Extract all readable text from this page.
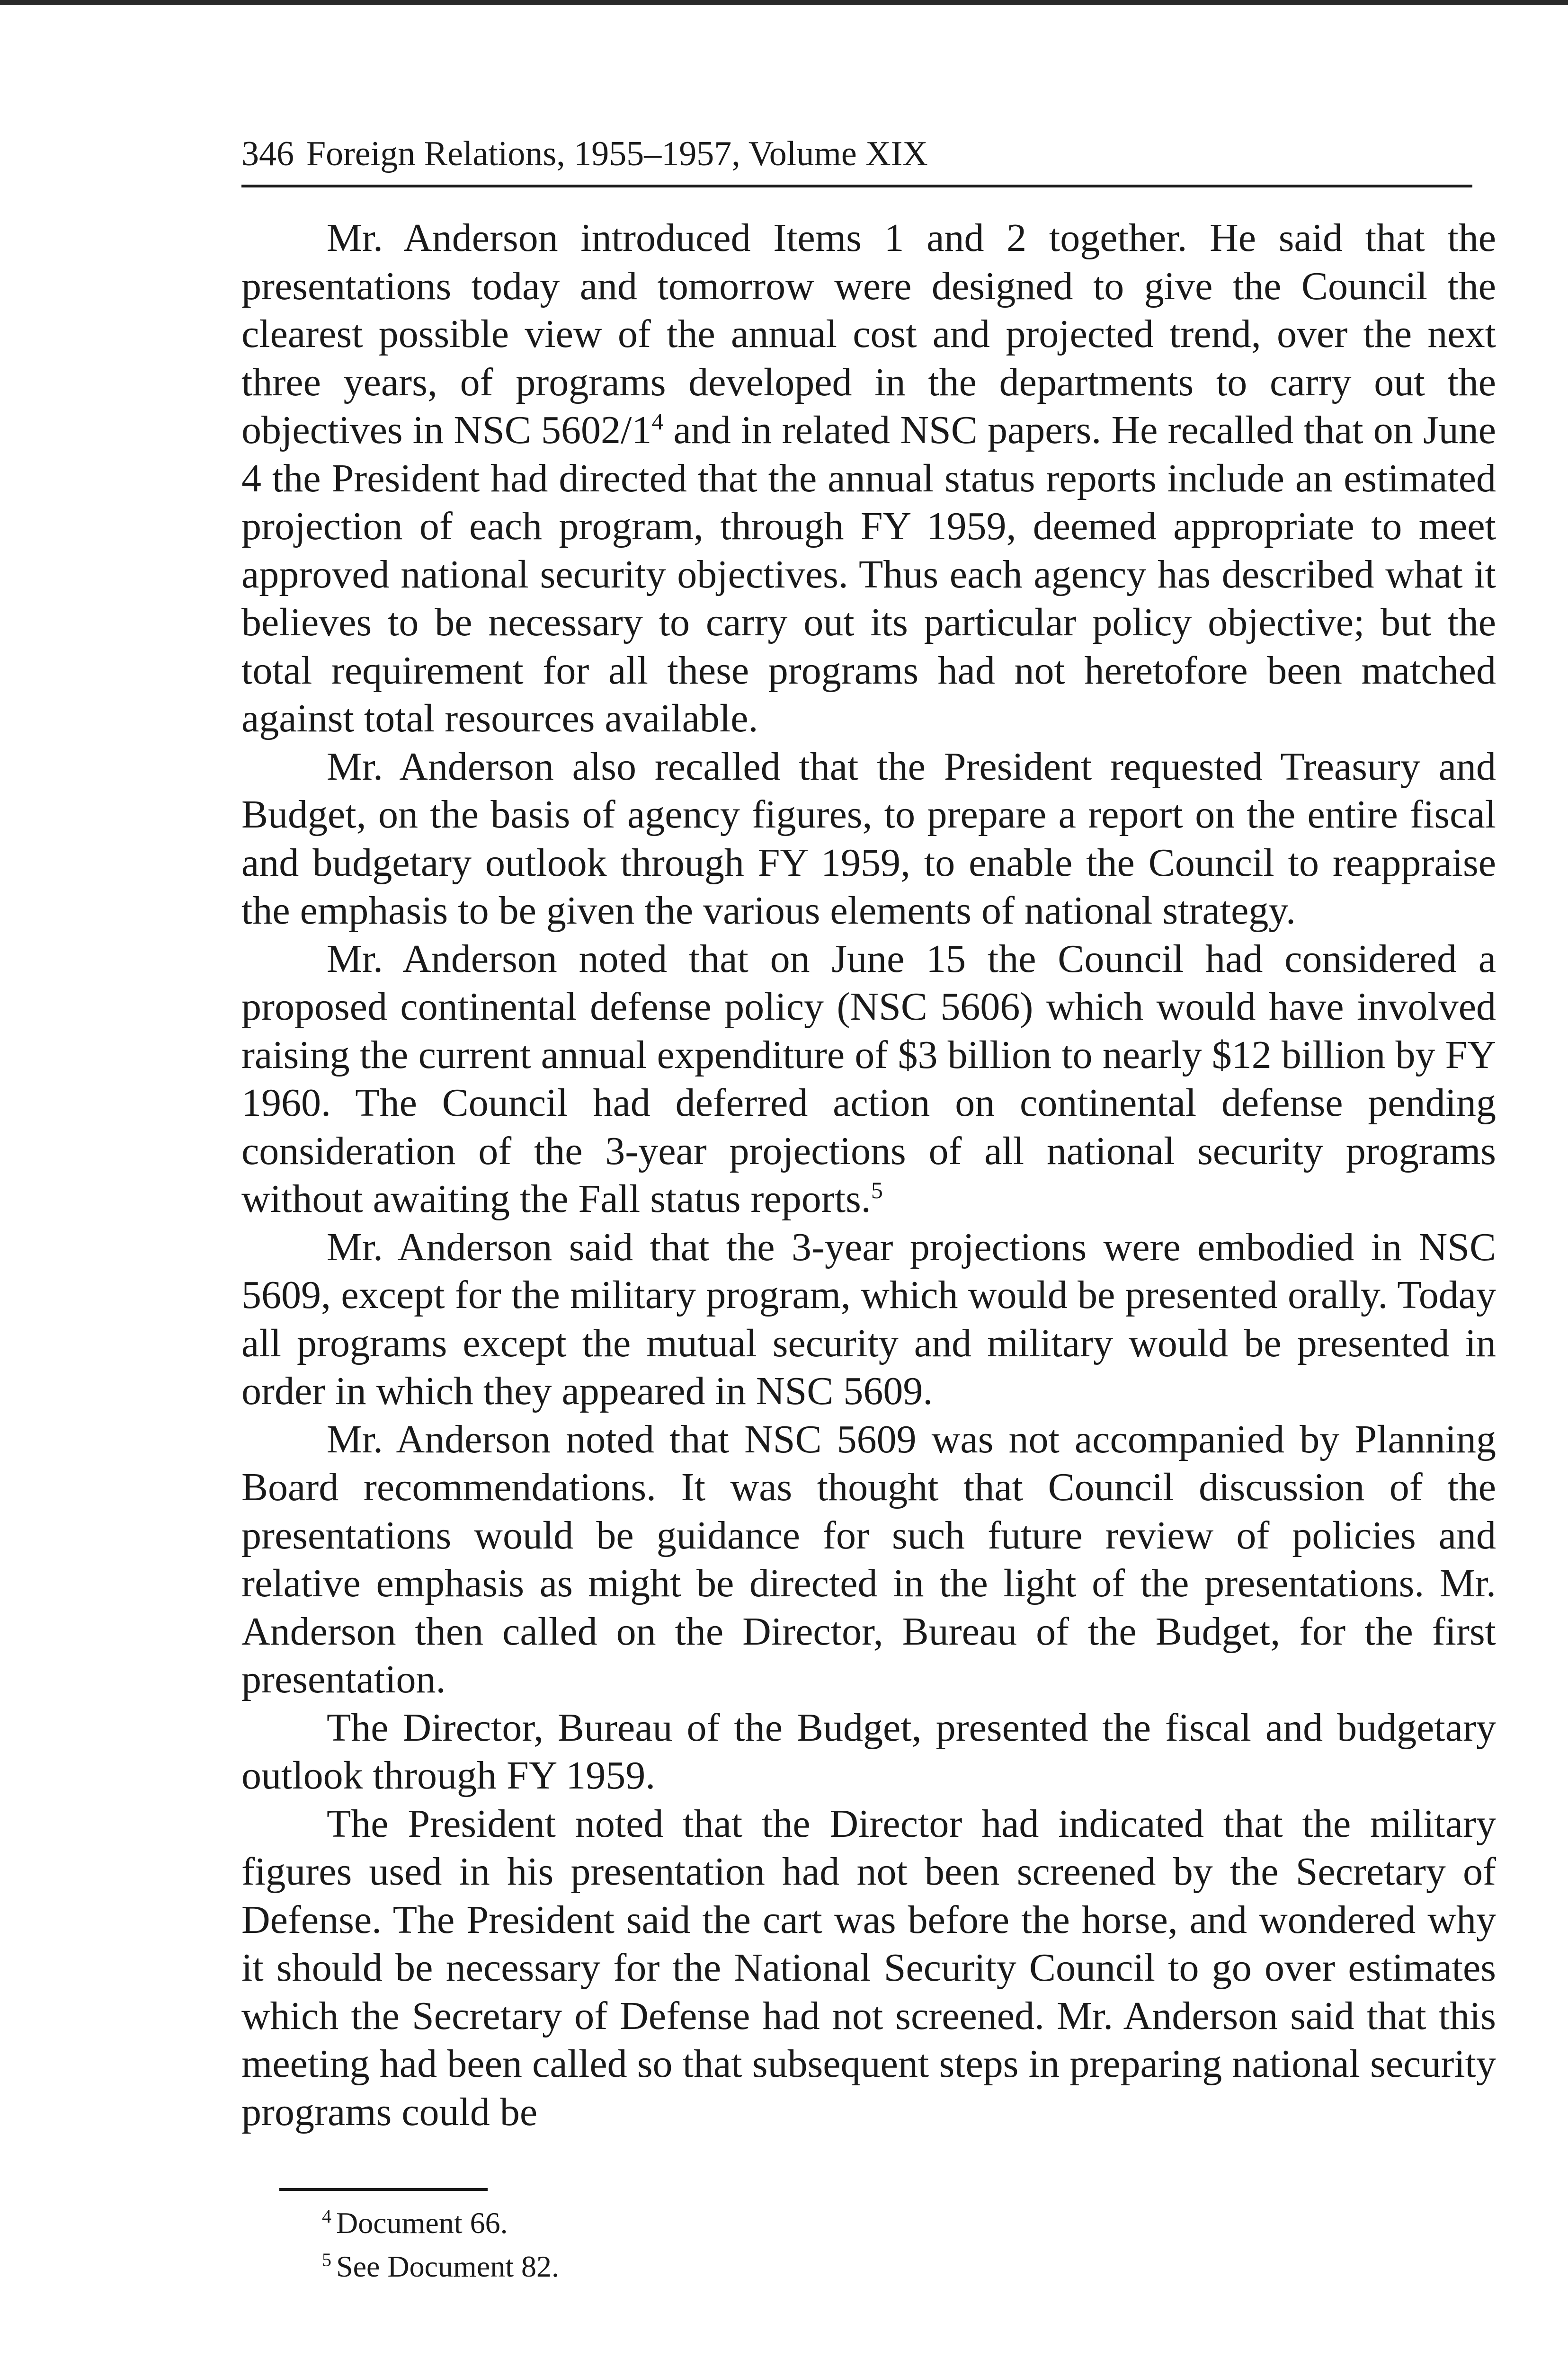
346 Foreign Relations, 1955–1957, Volume XIX

Mr. Anderson introduced Items 1 and 2 together. He said that the presentations today and tomorrow were designed to give the Council the clearest possible view of the annual cost and projected trend, over the next three years, of programs developed in the departments to carry out the objectives in NSC 5602/1$^4$ and in related NSC papers. He recalled that on June 4 the President had directed that the annual status reports include an estimated projection of each program, through FY 1959, deemed appropriate to meet approved national security objectives. Thus each agency has described what it believes to be necessary to carry out its particular policy objective; but the total requirement for all these programs had not heretofore been matched against total resources available.

Mr. Anderson also recalled that the President requested Treasury and Budget, on the basis of agency figures, to prepare a report on the entire fiscal and budgetary outlook through FY 1959, to enable the Council to reappraise the emphasis to be given the various elements of national strategy.

Mr. Anderson noted that on June 15 the Council had considered a proposed continental defense policy (NSC 5606) which would have involved raising the current annual expenditure of $3 billion to nearly $12 billion by FY 1960. The Council had deferred action on continental defense pending consideration of the 3-year projections of all national security programs without awaiting the Fall status reports.$^5$

Mr. Anderson said that the 3-year projections were embodied in NSC 5609, except for the military program, which would be presented orally. Today all programs except the mutual security and military would be presented in order in which they appeared in NSC 5609.

Mr. Anderson noted that NSC 5609 was not accompanied by Planning Board recommendations. It was thought that Council discussion of the presentations would be guidance for such future review of policies and relative emphasis as might be directed in the light of the presentations. Mr. Anderson then called on the Director, Bureau of the Budget, for the first presentation.

The Director, Bureau of the Budget, presented the fiscal and budgetary outlook through FY 1959.

The President noted that the Director had indicated that the military figures used in his presentation had not been screened by the Secretary of Defense. The President said the cart was before the horse, and wondered why it should be necessary for the National Security Council to go over estimates which the Secretary of Defense had not screened. Mr. Anderson said that this meeting had been called so that subsequent steps in preparing national security programs could be

$^4$ Document 66.
$^5$ See Document 82.
